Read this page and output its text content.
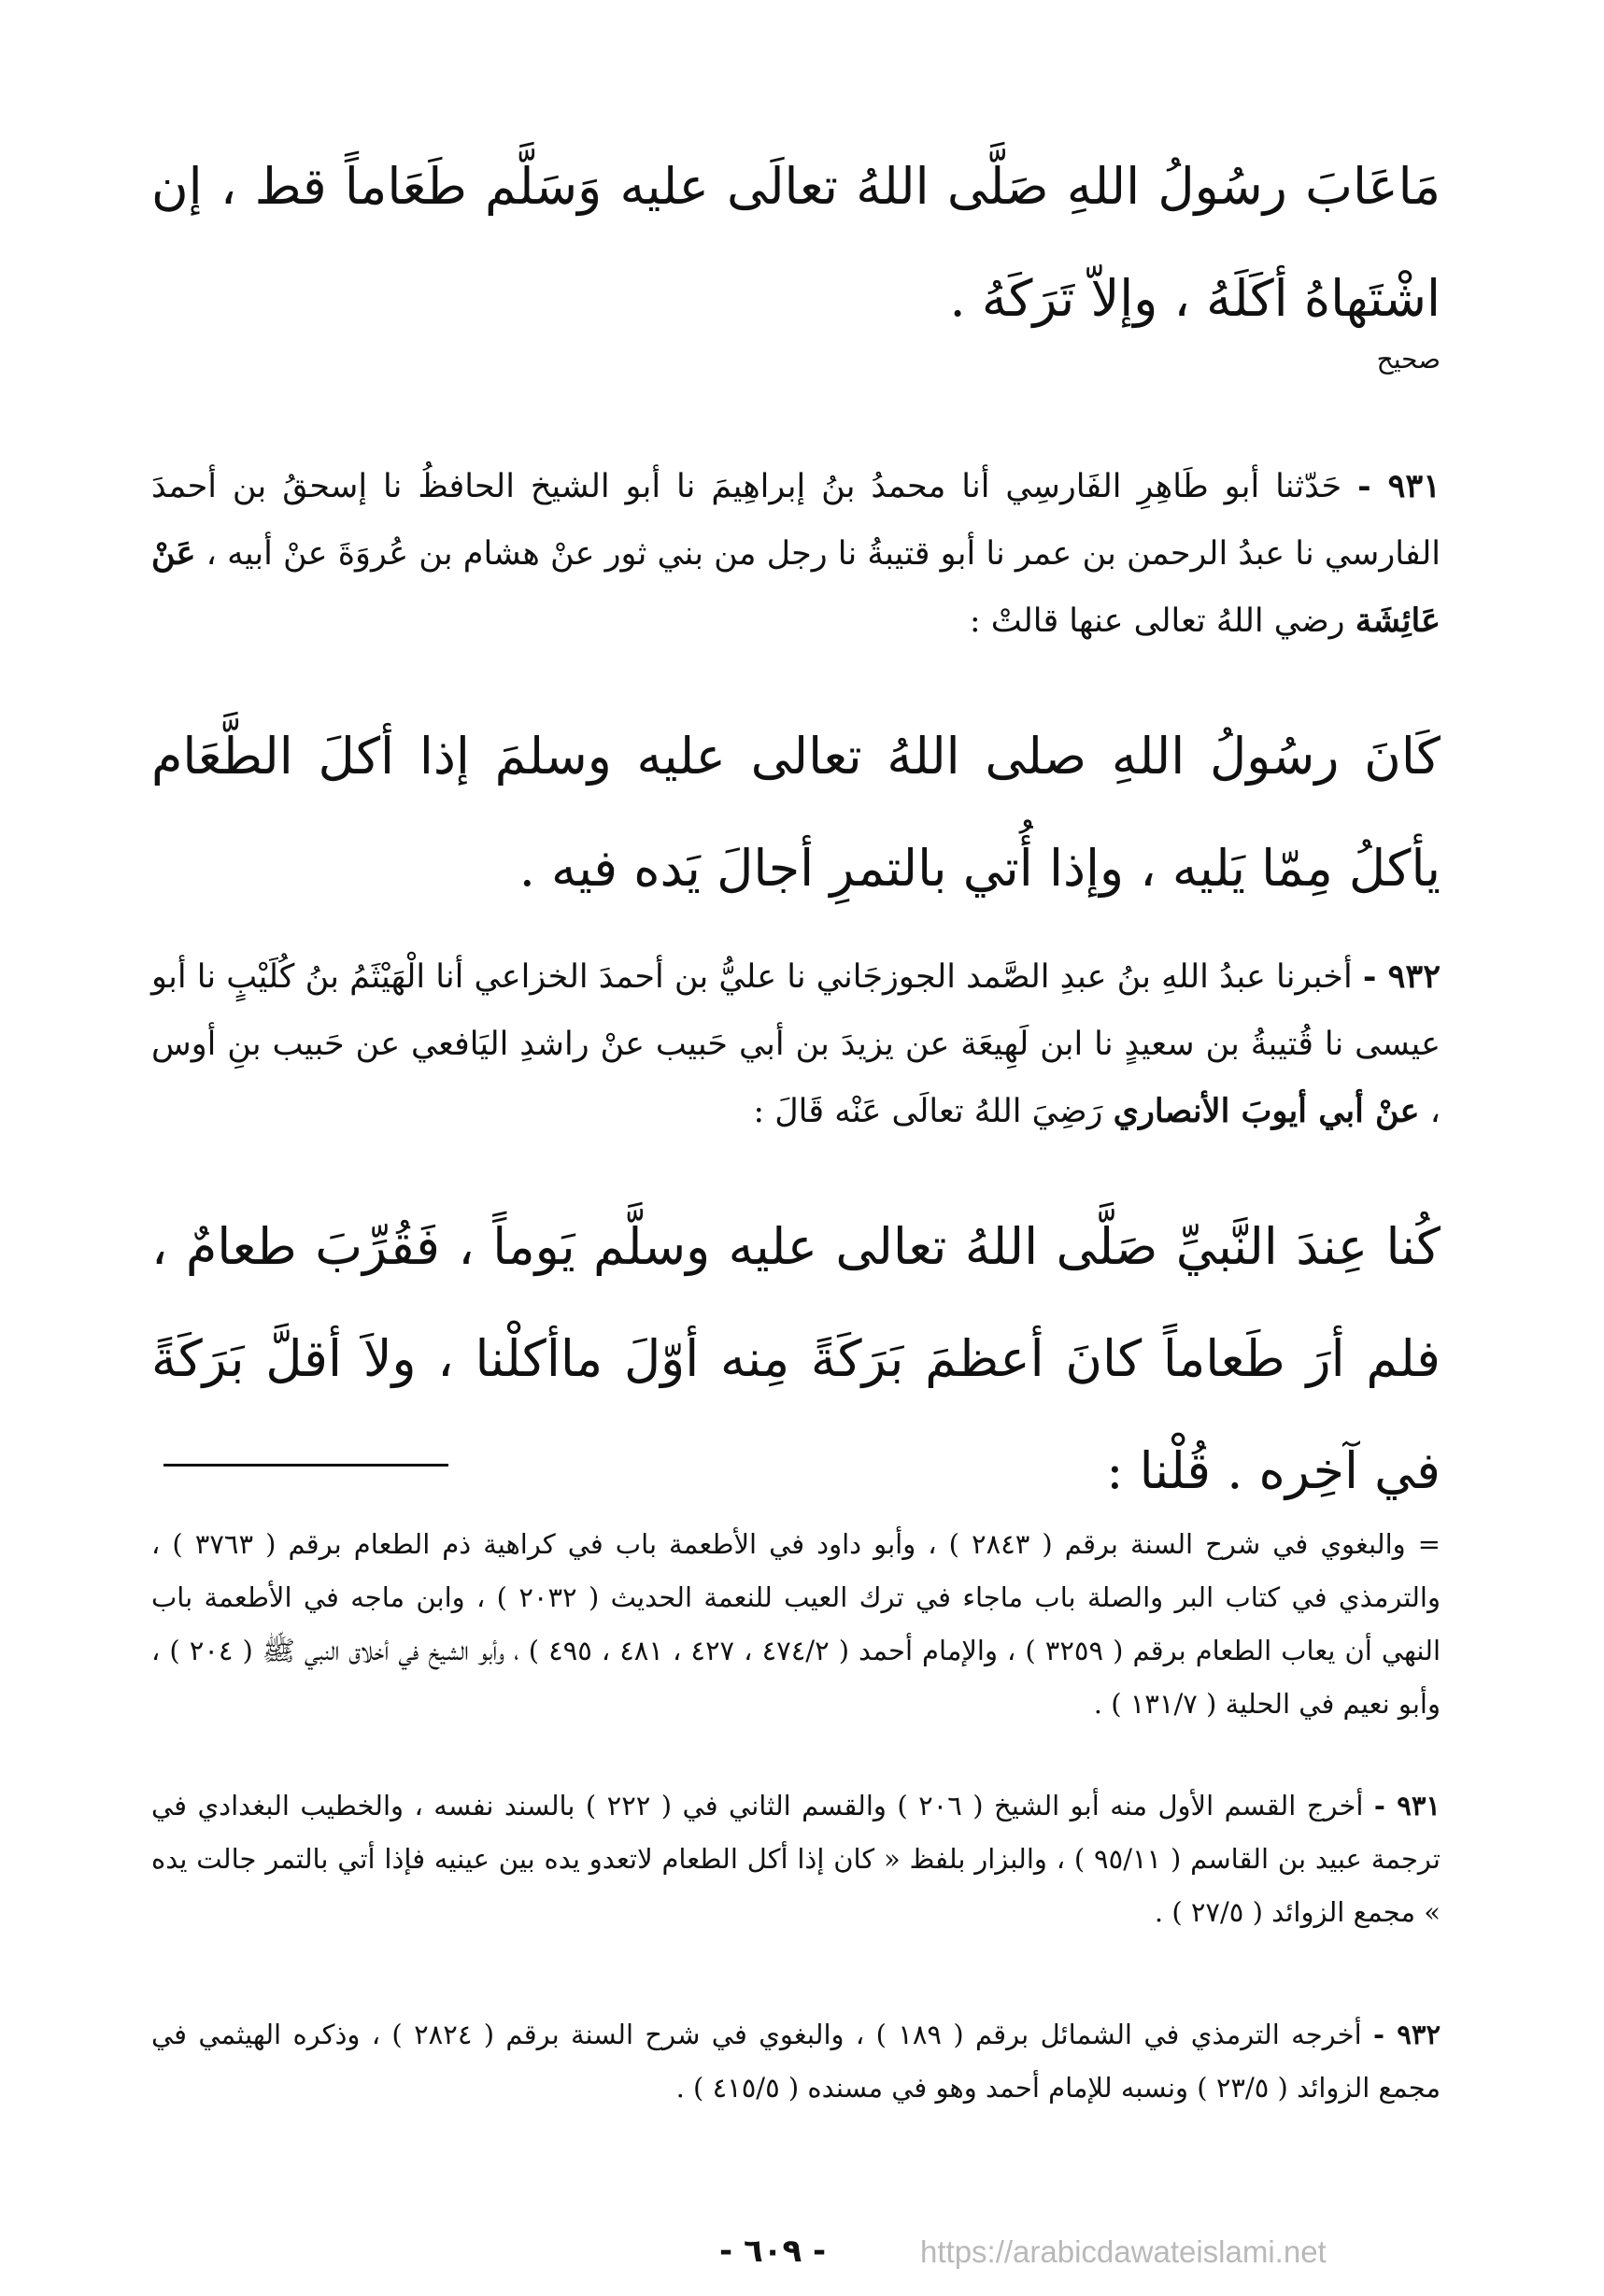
مَاعَابَ رسُولُ اللهِ صَلَّى اللهُ تعالَى عليه وَسَلَّم طَعَاماً قط ، إن اشْتَهاهُ أكَلَهُ ، وإلاّ تَرَكَهُ .
صحيح
٩٣١ - حَدّثنا أبو طَاهِرِ الفَارسِي أنا محمدُ بنُ إبراهِيمَ نا أبو الشيخ الحافظُ نا إسحقُ بن أحمدَ الفارسي نا عبدُ الرحمن بن عمر نا أبو قتيبةُ نا رجل من بني ثور عنْ هشام بن عُروَةَ عنْ أبيه ، عَنْ عَائِشَة رضي اللهُ تعالى عنها قالتْ :
كَانَ رسُولُ اللهِ صلى اللهُ تعالى عليه وسلمَ إذا أكلَ الطَّعَام يأكلُ مِمّا يَليه ، وإذا أُتي بالتمرِ أجالَ يَده فيه .
٩٣٢ - أخبرنا عبدُ اللهِ بنُ عبدِ الصَّمد الجوزجَاني نا عليُّ بن أحمدَ الخزاعي أنا الْهَيْثَمُ بنُ كُلَيْبٍ نا أبو عيسى نا قُتيبةُ بن سعيدٍ نا ابن لَهِيعَة عن يزيدَ بن أبي حَبيب عنْ راشدِ اليَافعي عن حَبيب بنِ أوس ، عنْ أبي أيوبَ الأنصاري رَضِيَ اللهُ تعالَى عَنْه قَالَ :
كُنا عِندَ النَّبيِّ صَلَّى اللهُ تعالى عليه وسلَّم يَوماً ، فَقُرِّبَ طعامٌ ، فلم أرَ طَعاماً كانَ أعظمَ بَرَكَةً مِنه أوّلَ ماأكلْنا ، ولاَ أقلَّ بَرَكَةً في آخِره . قُلْنا :
= والبغوي في شرح السنة برقم ( ٢٨٤٣ ) ، وأبو داود في الأطعمة باب في كراهية ذم الطعام برقم ( ٣٧٦٣ ) ، والترمذي في كتاب البر والصلة باب ماجاء في ترك العيب للنعمة الحديث ( ٢٠٣٢ ) ، وابن ماجه في الأطعمة باب النهي أن يعاب الطعام برقم ( ٣٢٥٩ ) ، والإمام أحمد ( ٤٧٤/٢ ، ٤٢٧ ، ٤٨١ ، ٤٩٥ ) ، وأبو الشيخ في أخلاق النبي ﷺ ( ٢٠٤ ) ، وأبو نعيم في الحلية ( ١٣١/٧ ) .
٩٣١ - أخرج القسم الأول منه أبو الشيخ ( ٢٠٦ ) والقسم الثاني في ( ٢٢٢ ) بالسند نفسه ، والخطيب البغدادي في ترجمة عبيد بن القاسم ( ٩٥/١١ ) ، والبزار بلفظ « كان إذا أكل الطعام لاتعدو يده بين عينيه فإذا أتي بالتمر جالت يده » مجمع الزوائد ( ٢٧/٥ ) .
٩٣٢ - أخرجه الترمذي في الشمائل برقم ( ١٨٩ ) ، والبغوي في شرح السنة برقم ( ٢٨٢٤ ) ، وذكره الهيثمي في مجمع الزوائد ( ٢٣/٥ ) ونسبه للإمام أحمد وهو في مسنده ( ٤١٥/٥ ) .
- ٦٠٩ -	https://arabicdawateislami.net
